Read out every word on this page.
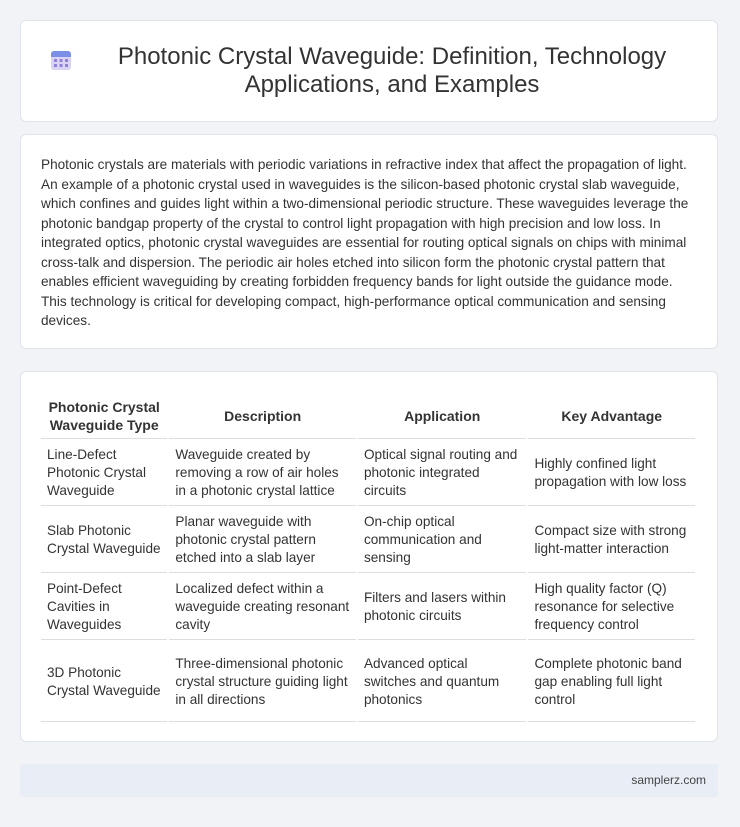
Photonic Crystal Waveguide: Definition, Technology Applications, and Examples

Photonic crystals are materials with periodic variations in refractive index that affect the propagation of light. An example of a photonic crystal used in waveguides is the silicon-based photonic crystal slab waveguide, which confines and guides light within a two-dimensional periodic structure. These waveguides leverage the photonic bandgap property of the crystal to control light propagation with high precision and low loss. In integrated optics, photonic crystal waveguides are essential for routing optical signals on chips with minimal cross-talk and dispersion. The periodic air holes etched into silicon form the photonic crystal pattern that enables efficient waveguiding by creating forbidden frequency bands for light outside the guidance mode. This technology is critical for developing compact, high-performance optical communication and sensing devices.

Photonic Crystal Waveguide Type	Description	Application	Key Advantage
Line-Defect Photonic Crystal Waveguide	Waveguide created by removing a row of air holes in a photonic crystal lattice	Optical signal routing and photonic integrated circuits	Highly confined light propagation with low loss
Slab Photonic Crystal Waveguide	Planar waveguide with photonic crystal pattern etched into a slab layer	On-chip optical communication and sensing	Compact size with strong light-matter interaction
Point-Defect Cavities in Waveguides	Localized defect within a waveguide creating resonant cavity	Filters and lasers within photonic circuits	High quality factor (Q) resonance for selective frequency control
3D Photonic Crystal Waveguide	Three-dimensional photonic crystal structure guiding light in all directions	Advanced optical switches and quantum photonics	Complete photonic band gap enabling full light control
samplerz.com
